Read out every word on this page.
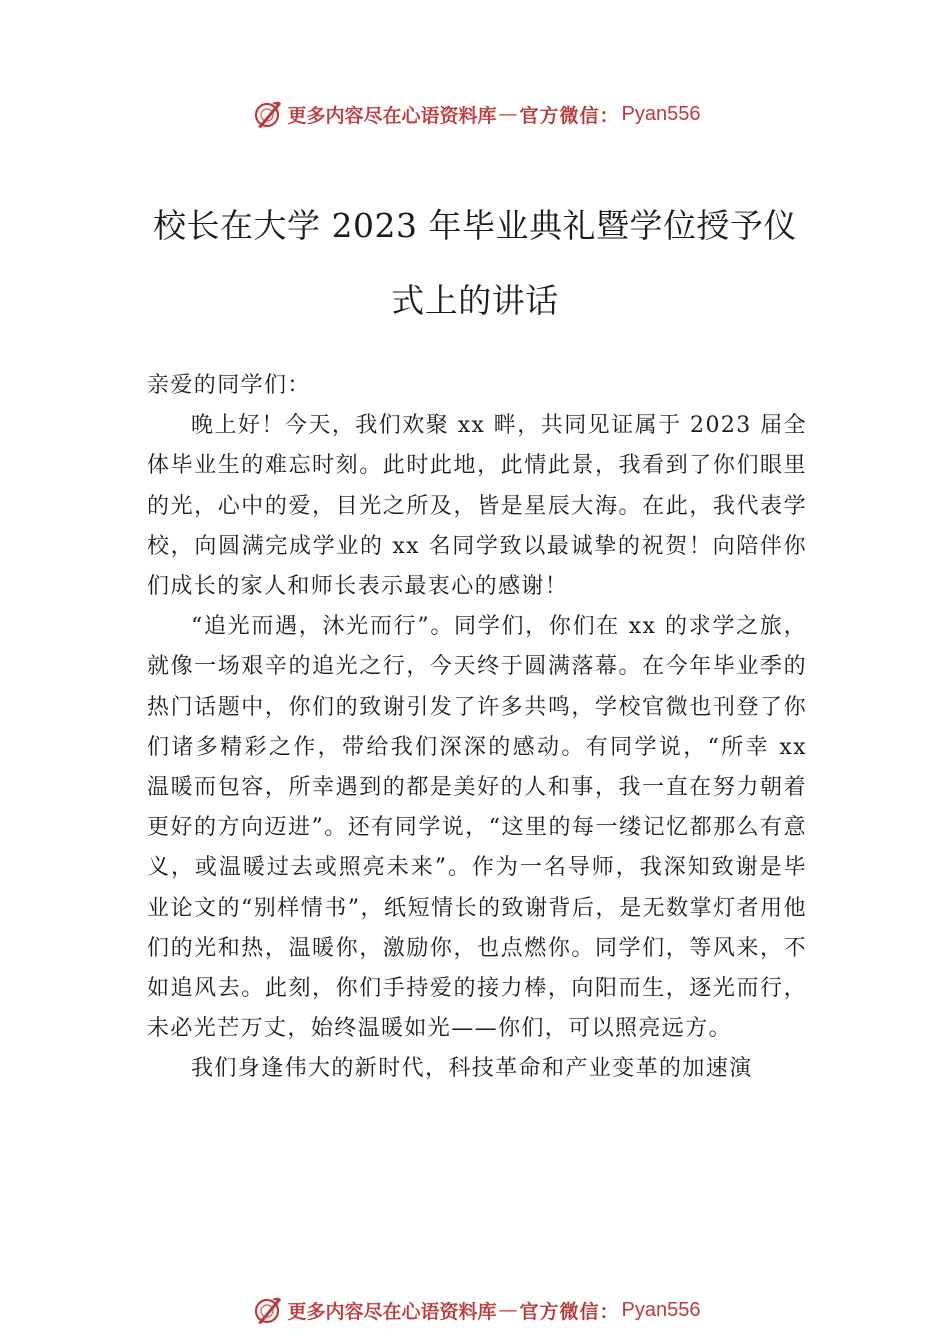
更多内容尽在心语资料库 — 官方微信： Pyan556
校长在大学 2023 年毕业典礼暨学位授予仪
式上的讲话

亲爱的同学们：

晚上好！今天，我们欢聚 xx 畔，共同见证属于 2023 届全体毕业生的难忘时刻。此时此地，此情此景，我看到了你们眼里的光，心中的爱，目光之所及，皆是星辰大海。在此，我代表学校，向圆满完成学业的 xx 名同学致以最诚挚的祝贺！向陪伴你们成长的家人和师长表示最衷心的感谢！

“追光而遇，沐光而行”。同学们，你们在 xx 的求学之旅，就像一场艰辛的追光之行，今天终于圆满落幕。在今年毕业季的热门话题中，你们的致谢引发了许多共鸣，学校官微也刊登了你们诸多精彩之作，带给我们深深的感动。有同学说，“所幸 xx 温暖而包容，所幸遇到的都是美好的人和事，我一直在努力朝着更好的方向迈进”。还有同学说，“这里的每一缕记忆都那么有意义，或温暖过去或照亮未来”。作为一名导师，我深知致谢是毕业论文的“别样情书”，纸短情长的致谢背后，是无数掌灯者用他们的光和热，温暖你，激励你，也点燃你。同学们，等风来，不如追风去。此刻，你们手持爱的接力棒，向阳而生，逐光而行，未必光芒万丈，始终温暖如光——你们，可以照亮远方。

我们身逢伟大的新时代，科技革命和产业变革的加速演

更多内容尽在心语资料库 — 官方微信： Pyan556
